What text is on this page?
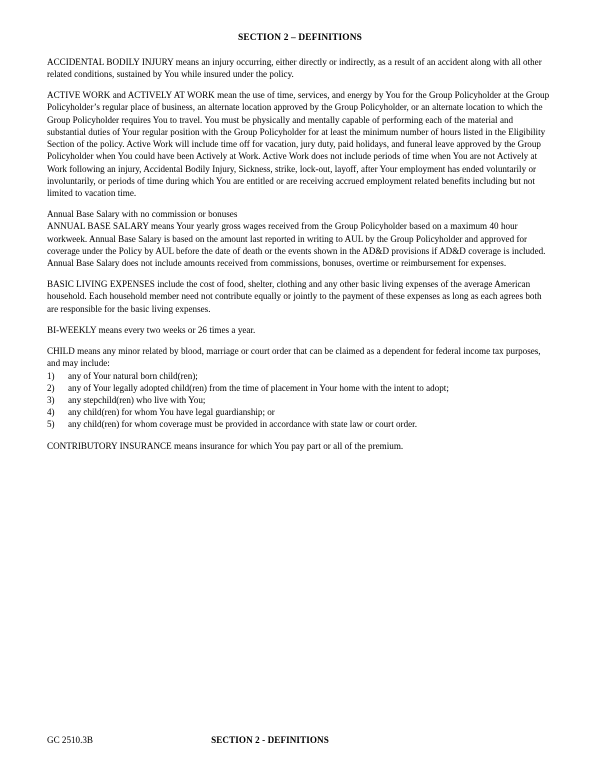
SECTION 2 – DEFINITIONS

ACCIDENTAL BODILY INJURY means an injury occurring, either directly or indirectly, as a result of an accident along with all other related conditions, sustained by You while insured under the policy.

ACTIVE WORK and ACTIVELY AT WORK mean the use of time, services, and energy by You for the Group Policyholder at the Group Policyholder’s regular place of business, an alternate location approved by the Group Policyholder, or an alternate location to which the Group Policyholder requires You to travel. You must be physically and mentally capable of performing each of the material and substantial duties of Your regular position with the Group Policyholder for at least the minimum number of hours listed in the Eligibility Section of the policy. Active Work will include time off for vacation, jury duty, paid holidays, and funeral leave approved by the Group Policyholder when You could have been Actively at Work. Active Work does not include periods of time when You are not Actively at Work following an injury, Accidental Bodily Injury, Sickness, strike, lock-out, layoff, after Your employment has ended voluntarily or involuntarily, or periods of time during which You are entitled or are receiving accrued employment related benefits including but not limited to vacation time.

Annual Base Salary with no commission or bonuses

ANNUAL BASE SALARY means Your yearly gross wages received from the Group Policyholder based on a maximum 40 hour workweek. Annual Base Salary is based on the amount last reported in writing to AUL by the Group Policyholder and approved for coverage under the Policy by AUL before the date of death or the events shown in the AD&D provisions if AD&D coverage is included. Annual Base Salary does not include amounts received from commissions, bonuses, overtime or reimbursement for expenses.

BASIC LIVING EXPENSES include the cost of food, shelter, clothing and any other basic living expenses of the average American household. Each household member need not contribute equally or jointly to the payment of these expenses as long as each agrees both are responsible for the basic living expenses.

BI-WEEKLY means every two weeks or 26 times a year.

CHILD means any minor related by blood, marriage or court order that can be claimed as a dependent for federal income tax purposes, and may include:

1)	any of Your natural born child(ren);
2)	any of Your legally adopted child(ren) from the time of placement in Your home with the intent to adopt;
3)	any stepchild(ren) who live with You;
4)	any child(ren) for whom You have legal guardianship; or
5)	any child(ren) for whom coverage must be provided in accordance with state law or court order.

CONTRIBUTORY INSURANCE means insurance for which You pay part or all of the premium.

GC 2510.3B	SECTION 2 - DEFINITIONS
